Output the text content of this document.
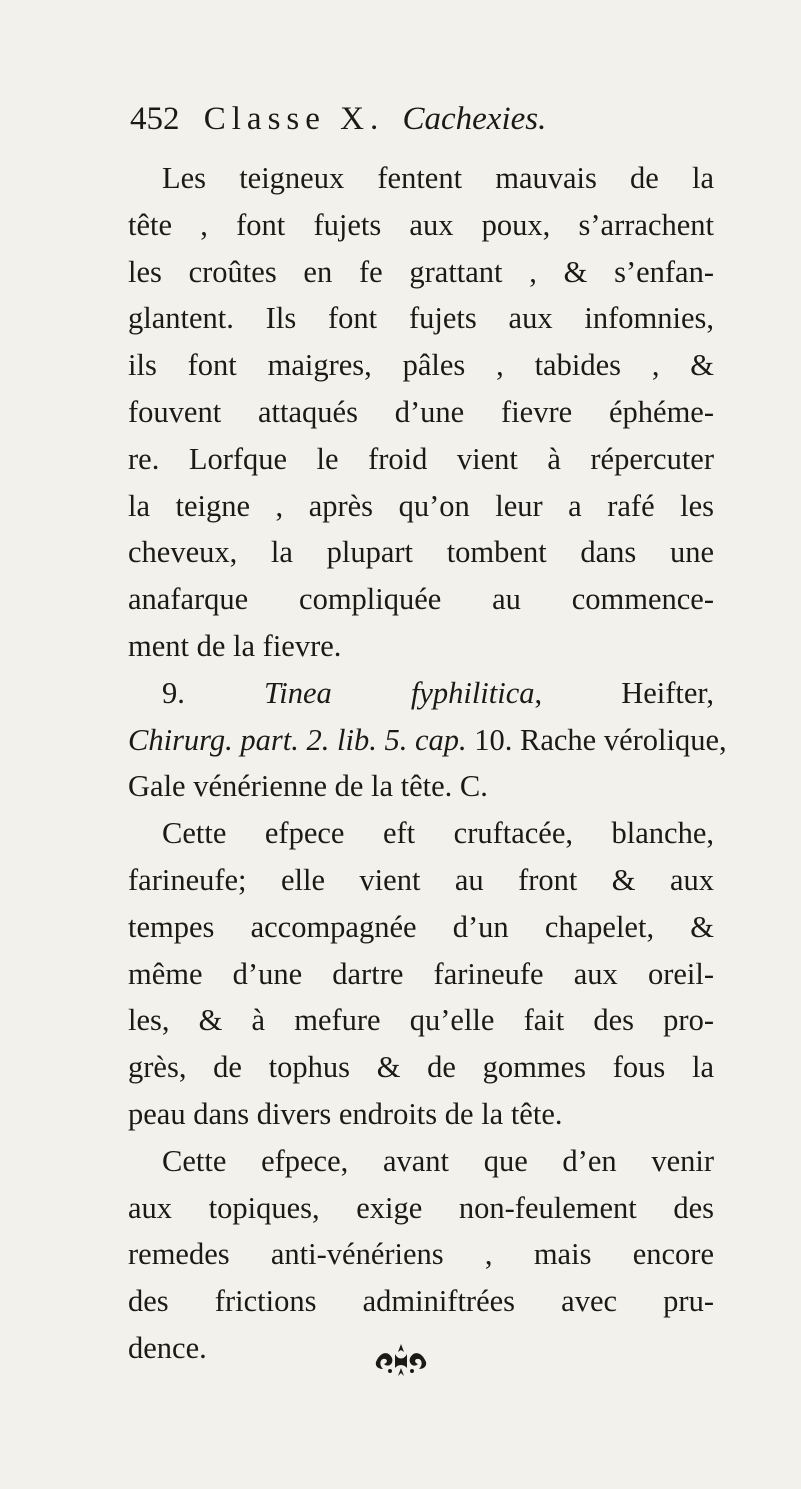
452 Classe X. Cachexies.
Les teigneux fentent mauvais de la
tête , font fujets aux poux, s’arrachent
les croûtes en fe grattant , & s’enfan-
glantent. Ils font fujets aux infomnies,
ils font maigres, pâles , tabides , &
fouvent attaqués d’une fievre éphéme-
re. Lorfque le froid vient à répercuter
la teigne , après qu’on leur a rafé les
cheveux, la plupart tombent dans une
anafarque compliquée au commence-
ment de la fievre.
9.	Tinea fyphilitica, Heifter,
Chirurg. part. 2. lib. 5. cap. 10. Rache vérolique,
Gale vénérienne de la tête. C.
Cette efpece eft cruftacée, blanche,
farineufe; elle vient au front & aux
tempes accompagnée d’un chapelet, &
même d’une dartre farineufe aux oreil-
les, & à mefure qu’elle fait des pro-
grès, de tophus & de gommes fous la
peau dans divers endroits de la tête.
Cette efpece, avant que d’en venir
aux topiques, exige non-feulement des
remedes anti-vénériens , mais encore
des frictions adminiftrées avec pru-
dence.
